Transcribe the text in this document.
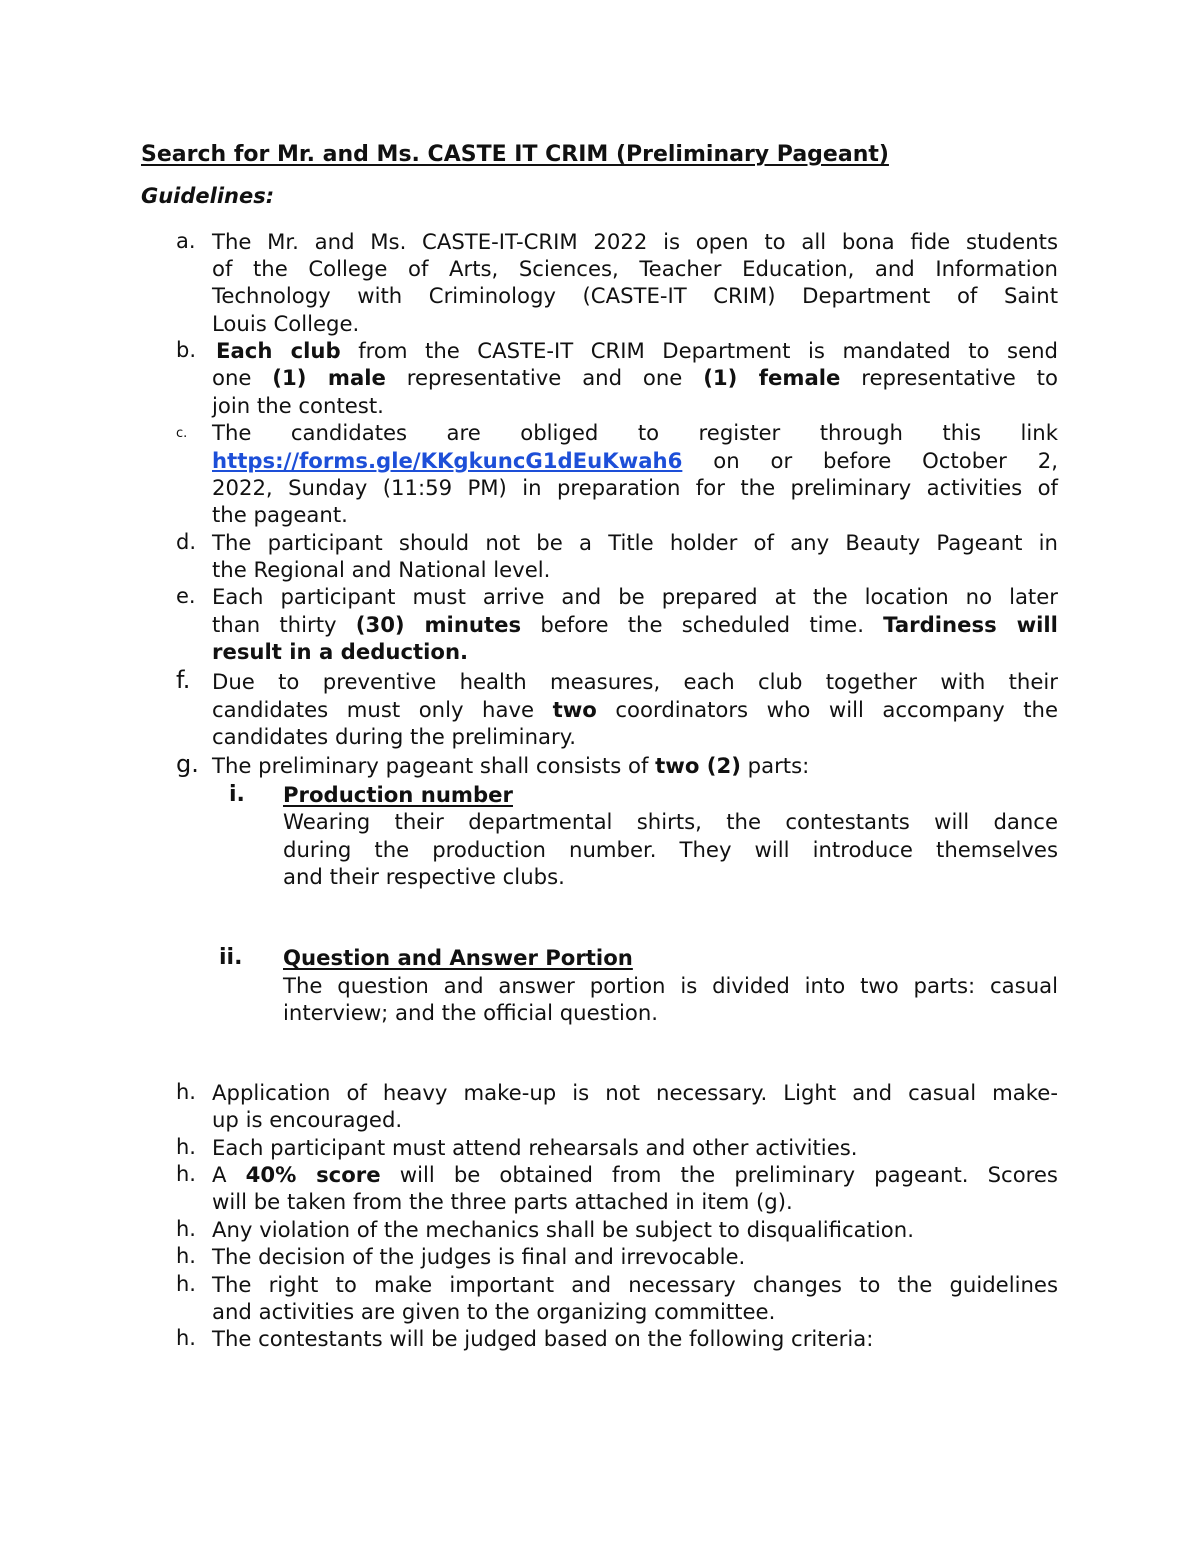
Search for Mr. and Ms. CASTE IT CRIM (Preliminary Pageant)
Guidelines:
a. The Mr. and Ms. CASTE-IT-CRIM 2022 is open to all bona fide students
of the College of Arts, Sciences, Teacher Education, and Information
Technology with Criminology (CASTE-IT CRIM) Department of Saint
Louis College.
b. Each club from the CASTE-IT CRIM Department is mandated to send
one (1) male representative and one (1) female representative to
join the contest.
c. The candidates are obliged to register through this link
https://forms.gle/KKgkuncG1dEuKwah6 on or before October 2,
2022, Sunday (11:59 PM) in preparation for the preliminary activities of
the pageant.
d. The participant should not be a Title holder of any Beauty Pageant in
the Regional and National level.
e. Each participant must arrive and be prepared at the location no later
than thirty (30) minutes before the scheduled time. Tardiness will
result in a deduction.
f. Due to preventive health measures, each club together with their
candidates must only have two coordinators who will accompany the
candidates during the preliminary.
g. The preliminary pageant shall consists of two (2) parts:
i. Production number
Wearing their departmental shirts, the contestants will dance
during the production number. They will introduce themselves
and their respective clubs.
ii. Question and Answer Portion
The question and answer portion is divided into two parts: casual
interview; and the official question.
h. Application of heavy make-up is not necessary. Light and casual make-
up is encouraged.
h. Each participant must attend rehearsals and other activities.
h. A 40% score will be obtained from the preliminary pageant. Scores
will be taken from the three parts attached in item (g).
h. Any violation of the mechanics shall be subject to disqualification.
h. The decision of the judges is final and irrevocable.
h. The right to make important and necessary changes to the guidelines
and activities are given to the organizing committee.
h. The contestants will be judged based on the following criteria:
